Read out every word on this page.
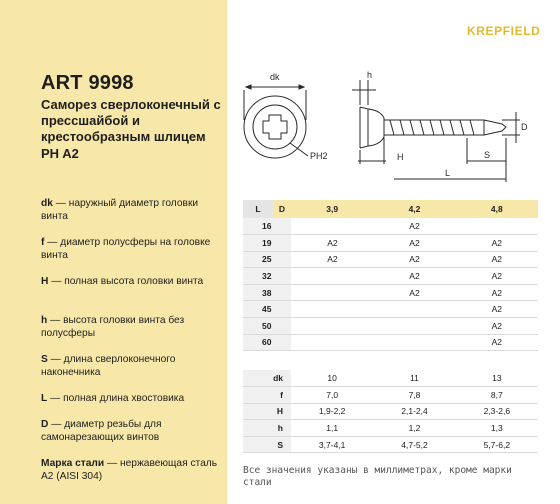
ART 9998
Саморез сверлоконечный с прессшайбой и крестообразным шлицем PH A2
dk — наружный диаметр головки винта
f — диаметр полусферы на головке винта
H — полная высота головки винта
h — высота головки винта без полусферы
S — длина сверлоконечного наконечника
L — полная длина хвостовика
D — диаметр резьбы для самонарезающих винтов
Марка стали — нержавеющая сталь A2 (AISI 304)
KREPFIELD
dk
PH2
h
D
H	S
L
L	D	3,9	4,2	4,8
16			A2	
19		A2	A2	A2
25		A2	A2	A2
32			A2	A2
38			A2	A2
45				A2
50				A2
60				A2
dk	10	11	13
f	7,0	7,8	8,7
H	1,9-2,2	2,1-2,4	2,3-2,6
h	1,1	1,2	1,3
S	3,7-4,1	4,7-5,2	5,7-6,2
Все значения указаны в миллиметрах, кроме марки стали
